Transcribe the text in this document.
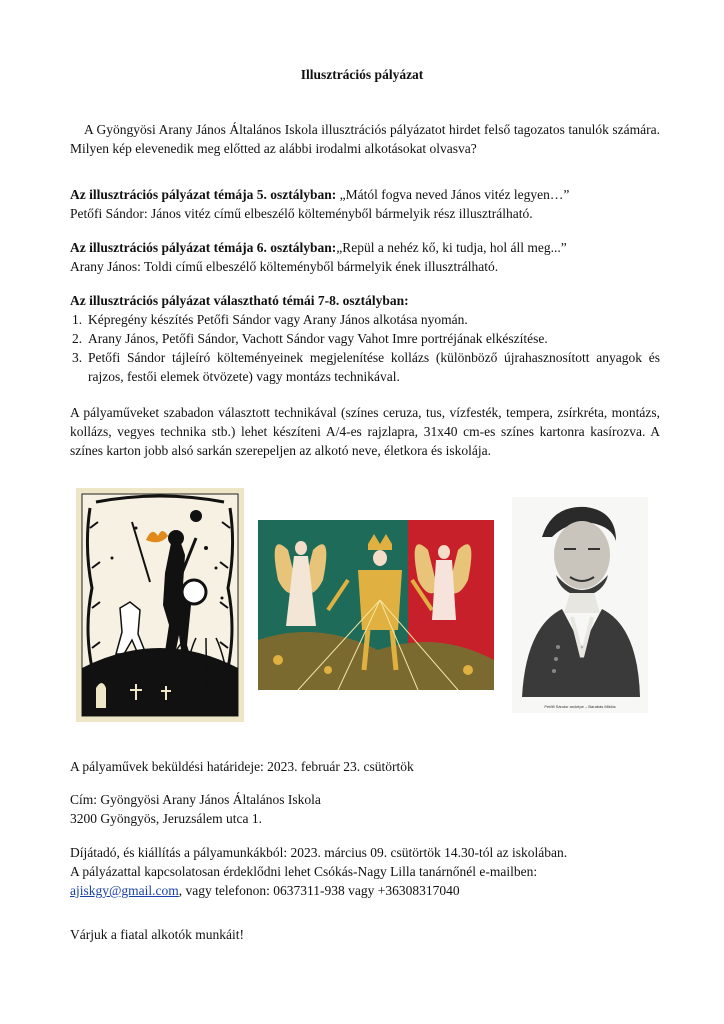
Illusztrációs pályázat
A Gyöngyösi Arany János Általános Iskola illusztrációs pályázatot hirdet felső tagozatos tanulók számára. Milyen kép elevenedik meg előtted az alábbi irodalmi alkotásokat olvasva?
Az illusztrációs pályázat témája 5. osztályban: „Mától fogva neved János vitéz legyen…”
Petőfi Sándor: János vitéz című elbeszélő költeményből bármelyik rész illusztrálható.
Az illusztrációs pályázat témája 6. osztályban:„Repül a nehéz kő, ki tudja, hol áll meg...”
Arany János: Toldi című elbeszélő költeményből bármelyik ének illusztrálható.
Az illusztrációs pályázat választható témái 7-8. osztályban:
1. Képregény készítés Petőfi Sándor vagy Arany János alkotása nyomán.
2. Arany János, Petőfi Sándor, Vachott Sándor vagy Vahot Imre portréjának elkészítése.
3. Petőfi Sándor tájleíró költeményeinek megjelenítése kollázs (különböző újrahasznosított anyagok és rajzos, festői elemek ötvözete) vagy montázs technikával.
A pályaműveket szabadon választott technikával (színes ceruza, tus, vízfesték, tempera, zsírkréta, montázs, kollázs, vegyes technika stb.) lehet készíteni A/4-es rajzlapra, 31x40 cm-es színes kartonra kasírozva. A színes karton jobb alsó sarkán szerepeljen az alkotó neve, életkora és iskolája.
Petőfi Sándor arcképe – Barabás Miklós
A pályaművek beküldési határideje: 2023. február 23. csütörtök
Cím: Gyöngyösi Arany János Általános Iskola
3200 Gyöngyös, Jeruzsálem utca 1.
Díjátadó, és kiállítás a pályamunkákból: 2023. március 09. csütörtök 14.30-tól az iskolában.
A pályázattal kapcsolatosan érdeklődni lehet Csókás-Nagy Lilla tanárnőnél e-mailben:
ajiskgy@gmail.com, vagy telefonon: 0637311-938 vagy +36308317040
Várjuk a fiatal alkotók munkáit!
